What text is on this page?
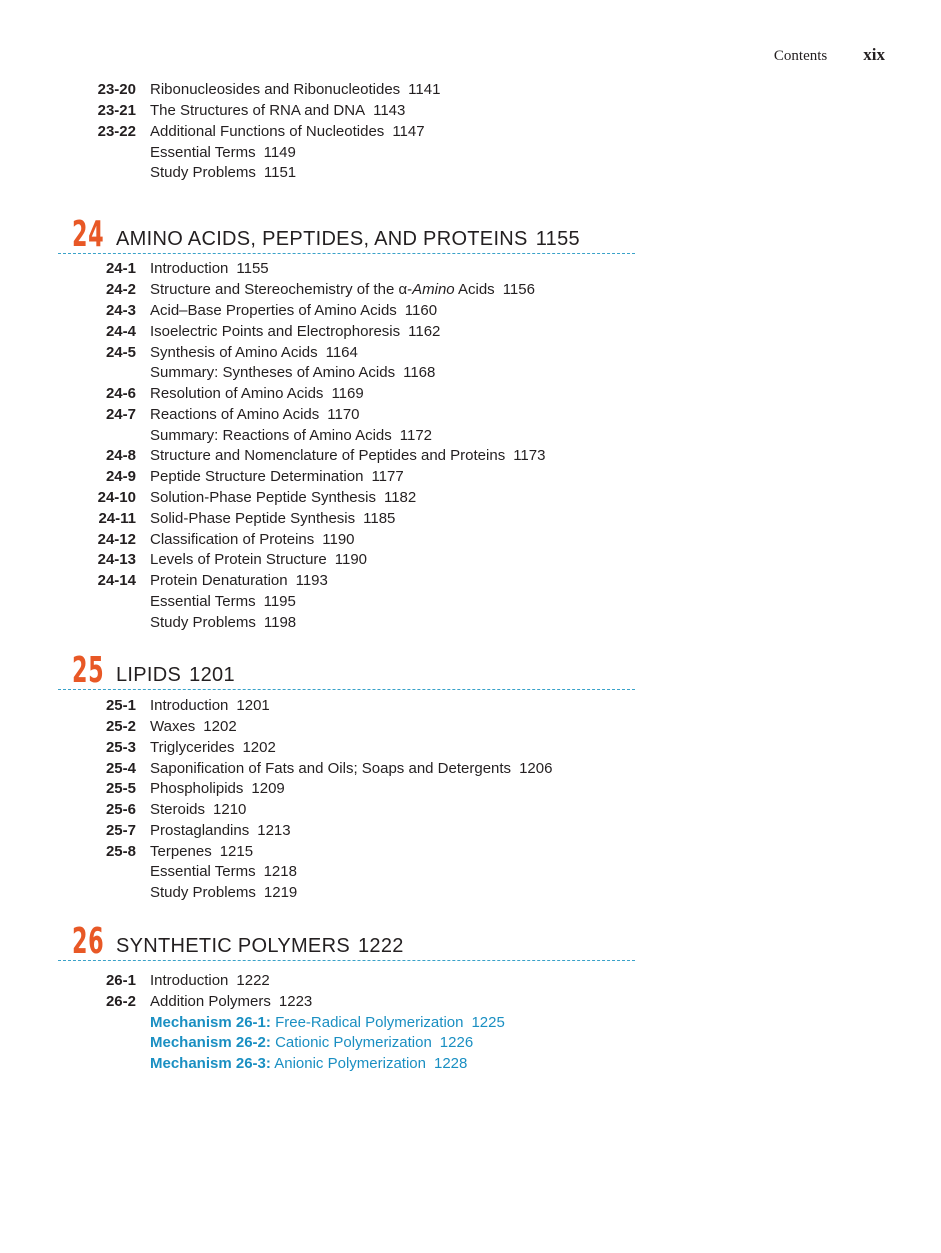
Contents xix
23-20 Ribonucleosides and Ribonucleotides 1141
23-21 The Structures of RNA and DNA 1143
23-22 Additional Functions of Nucleotides 1147
Essential Terms 1149
Study Problems 1151
24 AMINO ACIDS, PEPTIDES, AND PROTEINS 1155
24-1 Introduction 1155
24-2 Structure and Stereochemistry of the α-Amino Acids 1156
24-3 Acid–Base Properties of Amino Acids 1160
24-4 Isoelectric Points and Electrophoresis 1162
24-5 Synthesis of Amino Acids 1164
Summary: Syntheses of Amino Acids 1168
24-6 Resolution of Amino Acids 1169
24-7 Reactions of Amino Acids 1170
Summary: Reactions of Amino Acids 1172
24-8 Structure and Nomenclature of Peptides and Proteins 1173
24-9 Peptide Structure Determination 1177
24-10 Solution-Phase Peptide Synthesis 1182
24-11 Solid-Phase Peptide Synthesis 1185
24-12 Classification of Proteins 1190
24-13 Levels of Protein Structure 1190
24-14 Protein Denaturation 1193
Essential Terms 1195
Study Problems 1198
25 LIPIDS 1201
25-1 Introduction 1201
25-2 Waxes 1202
25-3 Triglycerides 1202
25-4 Saponification of Fats and Oils; Soaps and Detergents 1206
25-5 Phospholipids 1209
25-6 Steroids 1210
25-7 Prostaglandins 1213
25-8 Terpenes 1215
Essential Terms 1218
Study Problems 1219
26 SYNTHETIC POLYMERS 1222
26-1 Introduction 1222
26-2 Addition Polymers 1223
Mechanism 26-1: Free-Radical Polymerization 1225
Mechanism 26-2: Cationic Polymerization 1226
Mechanism 26-3: Anionic Polymerization 1228
